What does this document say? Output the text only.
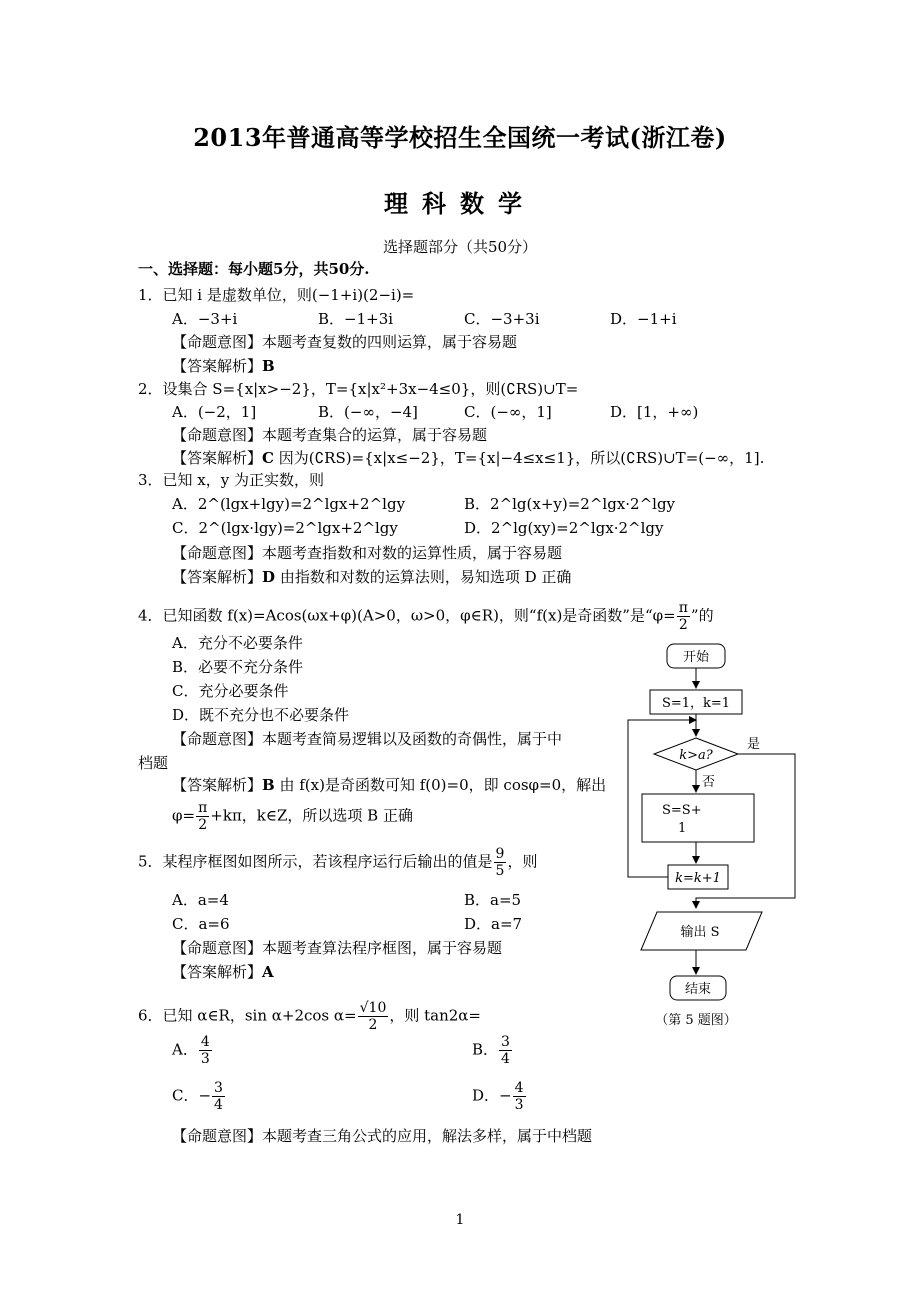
2013年普通高等学校招生全国统一考试(浙江卷)
理科数学
选择题部分（共50分）
一、选择题：每小题5分，共50分.
1．已知 i 是虚数单位，则(−1+i)(2−i)=
A．−3+i	B．−1+3i	C．−3+3i	D．−1+i
【命题意图】本题考查复数的四则运算，属于容易题
【答案解析】B
2．设集合 S={x|x>−2}，T={x|x²+3x−4≤0}，则(∁RS)∪T=
A．(−2，1]	B．(−∞，−4]	C．(−∞，1]	D．[1，+∞)
【命题意图】本题考查集合的运算，属于容易题
【答案解析】C 因为(∁RS)={x|x≤−2}，T={x|−4≤x≤1}，所以(∁RS)∪T=(−∞，1].
3．已知 x，y 为正实数，则
A．2^(lgx+lgy)=2^lgx+2^lgy	B．2^lg(x+y)=2^lgx·2^lgy
C．2^(lgx·lgy)=2^lgx+2^lgy	D．2^lg(xy)=2^lgx·2^lgy
【命题意图】本题考查指数和对数的运算性质，属于容易题
【答案解析】D 由指数和对数的运算法则，易知选项 D 正确
4．已知函数 f(x)=Acos(ωx+φ)(A>0，ω>0，φ∈R)，则“f(x)是奇函数”是“$\varphi= \frac{\pi}{2}$ ”的
A．充分不必要条件
B．必要不充分条件
C．充分必要条件
D．既不充分也不必要条件
【命题意图】本题考查简易逻辑以及函数的奇偶性，属于中
档题
【答案解析】B 由 f(x)是奇函数可知 f(0)=0，即 cosφ=0，解出
$\varphi= \frac{\pi}{2} +k\pi$，k∈Z，所以选项 B 正确
5．某程序框图如图所示，若该程序运行后输出的值是 $\frac{9}{5}$ ，则
A．a=4	B．a=5
C．a=6	D．a=7
【命题意图】本题考查算法程序框图，属于容易题
【答案解析】A
开始
S=1，k=1
k>a?
是
否
S=S+
1
k=k+1
输出 S
结束
（第 5 题图）
6．已知 α∈R，sin α+2cos $\alpha= \frac{√10}{2}$ ，则 tan2α=
A． $\frac{4}{3}$	B． $\frac{3}{4}$
C．− $\frac{3}{4}$	D．− $\frac{4}{3}$
【命题意图】本题考查三角公式的应用，解法多样，属于中档题
1
